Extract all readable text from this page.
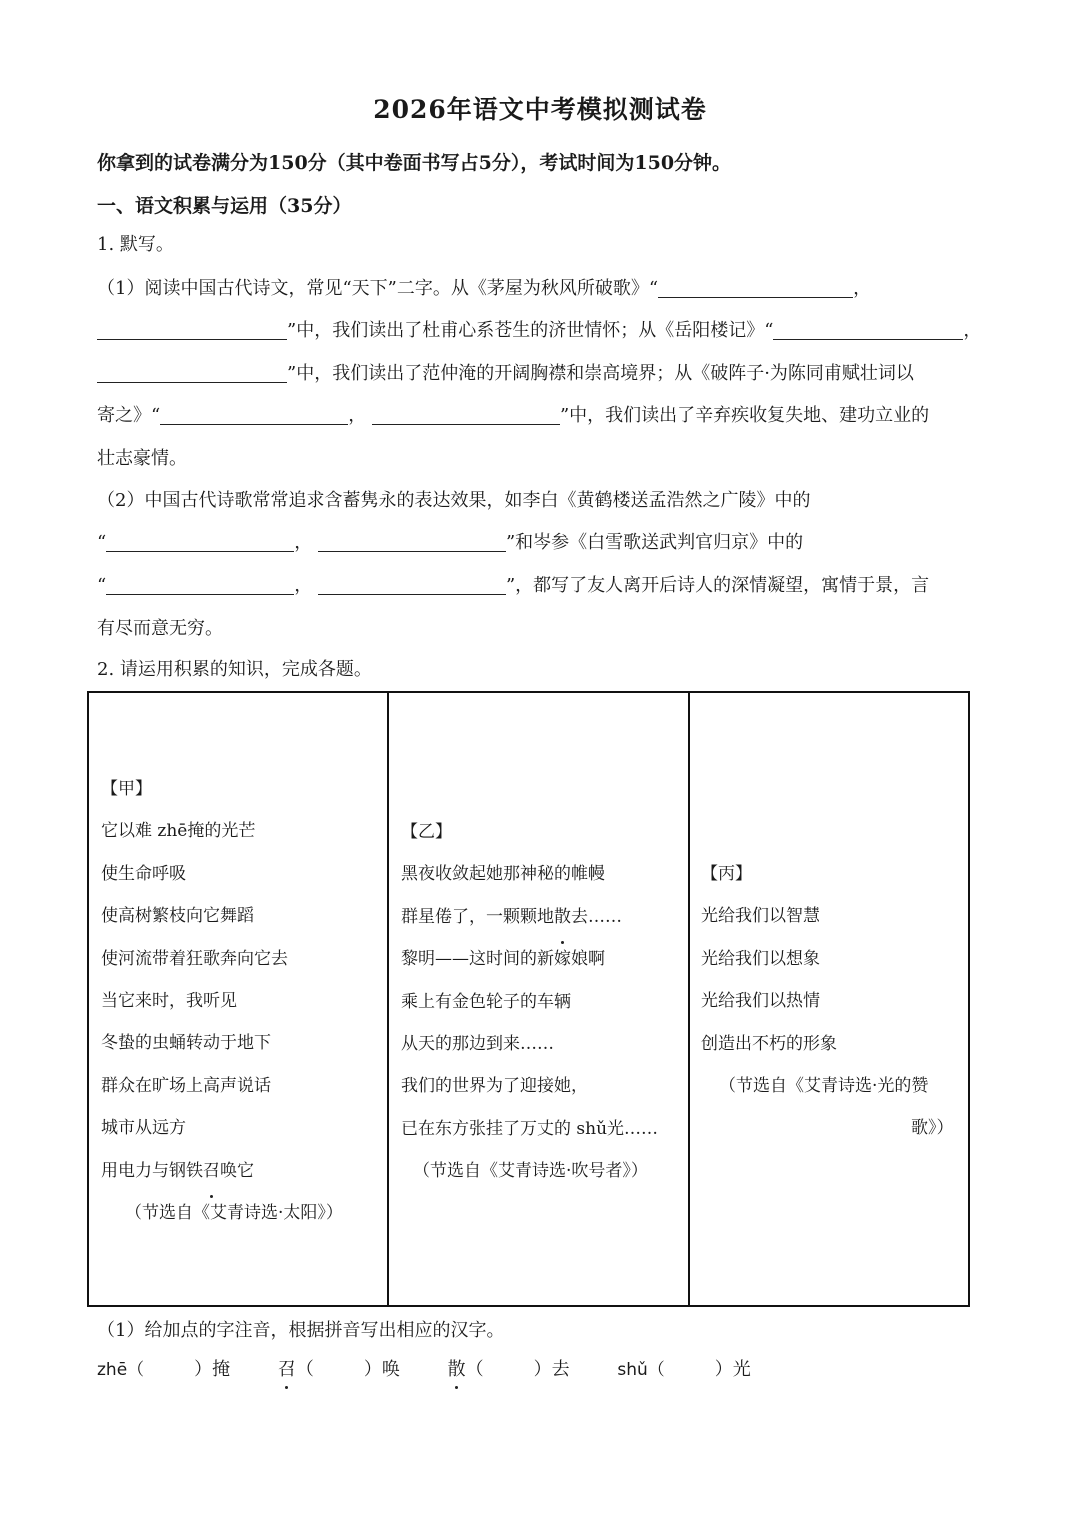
2026年语文中考模拟测试卷
你拿到的试卷满分为150分（其中卷面书写占5分），考试时间为150分钟。
一、语文积累与运用（35分）
1. 默写。
（1）阅读中国古代诗文，常见“天下”二字。从《茅屋为秋风所破歌》“	，
”中，我们读出了杜甫心系苍生的济世情怀；从《岳阳楼记》“	，
”中，我们读出了范仲淹的开阔胸襟和崇高境界；从《破阵子·为陈同甫赋壮词以
寄之》“	，	”中，我们读出了辛弃疾收复失地、建功立业的
壮志豪情。
（2）中国古代诗歌常常追求含蓄隽永的表达效果，如李白《黄鹤楼送孟浩然之广陵》中的
“	，	”和岑参《白雪歌送武判官归京》中的
“	，	”，都写了友人离开后诗人的深情凝望，寓情于景，言
有尽而意无穷。
2. 请运用积累的知识，完成各题。
【甲】
它以难 zhē掩的光芒
使生命呼吸
使高树繁枝向它舞蹈
使河流带着狂歌奔向它去
当它来时，我听见
冬蛰的虫蛹转动于地下
群众在旷场上高声说话
城市从远方
用电力与钢铁召唤它
（节选自《艾青诗选·太阳》）
【乙】
黑夜收敛起她那神秘的帷幔
群星倦了，一颗颗地散去……
黎明——这时间的新嫁娘啊
乘上有金色轮子的车辆
从天的那边到来……
我们的世界为了迎接她，
已在东方张挂了万丈的 shǔ光……
（节选自《艾青诗选·吹号者》）
【丙】
光给我们以智慧
光给我们以想象
光给我们以热情
创造出不朽的形象
（节选自《艾青诗选·光的赞
歌》）
（1）给加点的字注音，根据拼音写出相应的汉字。
zhē（	）掩	召（	）唤	散（	）去	shǔ（	）光
